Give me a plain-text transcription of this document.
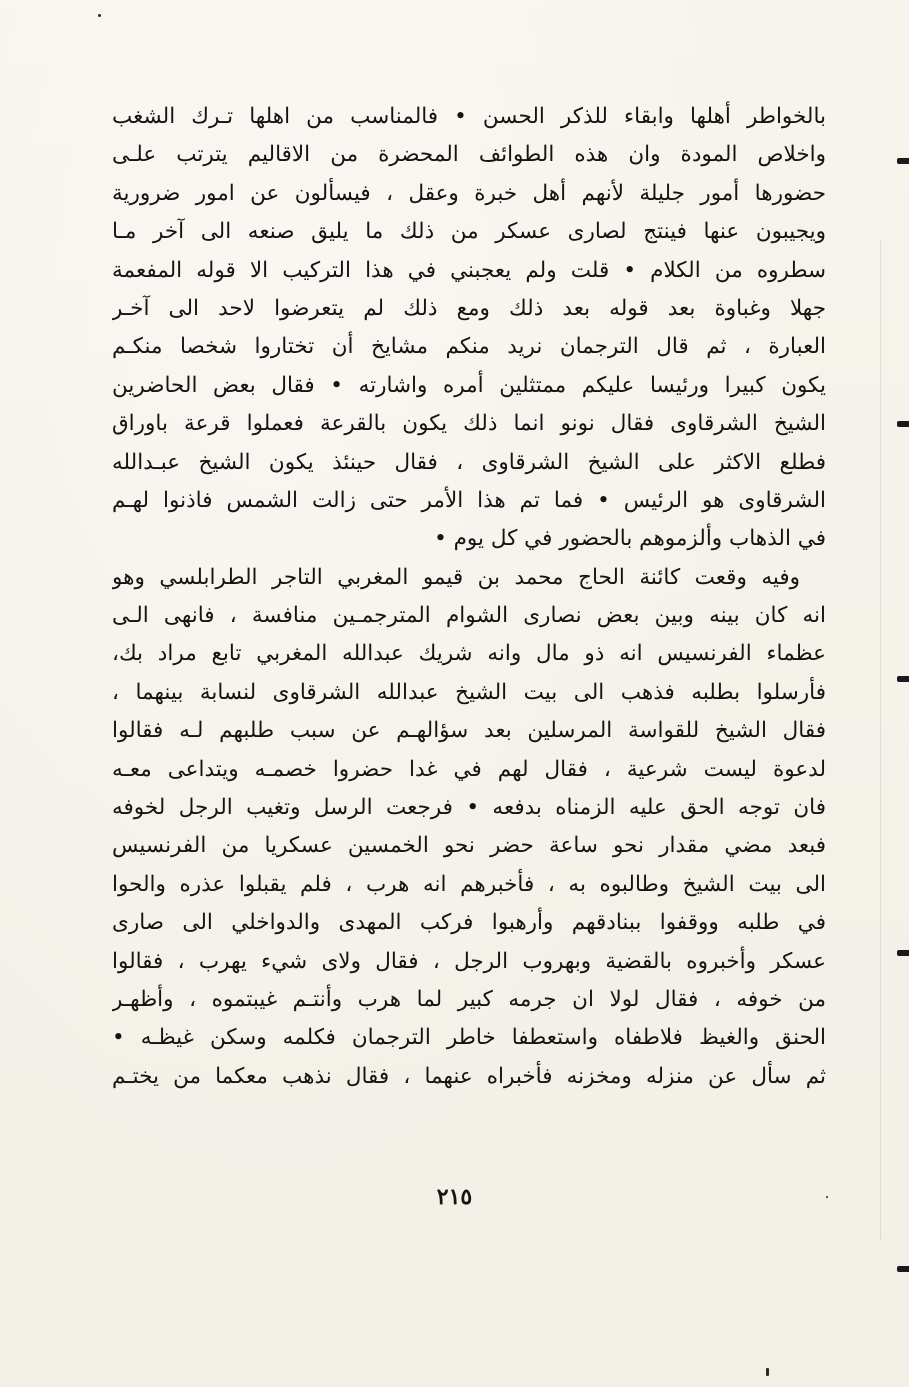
بالخواطر أهلها وابقاء للذكر الحسن • فالمناسب من اهلها تـرك الشغب
واخلاص المودة وان هذه الطوائف المحضرة من الاقاليم يترتب علـى
حضورها أمور جليلة لأنهم أهل خبرة وعقل ، فيسألون عن امور ضرورية
ويجيبون عنها فينتج لصارى عسكر من ذلك ما يليق صنعه الى آخر مـا
سطروه من الكلام • قلت ولم يعجبني في هذا التركيب الا قوله المفعمة
جهلا وغباوة بعد قوله بعد ذلك ومع ذلك لم يتعرضوا لاحد الى آخـر
العبارة ، ثم قال الترجمان نريد منكم مشايخ أن تختاروا شخصا منكـم
يكون كبيرا ورئيسا عليكم ممتثلين أمره واشارته • فقال بعض الحاضرين
الشيخ الشرقاوى فقال نونو انما ذلك يكون بالقرعة فعملوا قرعة باوراق
فطلع الاكثر على الشيخ الشرقاوى ، فقال حينئذ يكون الشيخ عبـدالله
الشرقاوى هو الرئيس • فما تم هذا الأمر حتى زالت الشمس فاذنوا لهـم
في الذهاب وألزموهم بالحضور في كل يوم •
وفيه وقعت كائنة الحاج محمد بن قيمو المغربي التاجر الطرابلسي وهو
انه كان بينه وبين بعض نصارى الشوام المترجمـين منافسة ، فانهى الـى
عظماء الفرنسيس انه ذو مال وانه شريك عبدالله المغربي تابع مراد بك،
فأرسلوا بطلبه فذهب الى بيت الشيخ عبدالله الشرقاوى لنسابة بينهما ،
فقال الشيخ للقواسة المرسلين بعد سؤالهـم عن سبب طلبهم لـه فقالوا
لدعوة ليست شرعية ، فقال لهم في غدا حضروا خصمـه ويتداعى معـه
فان توجه الحق عليه الزمناه بدفعه • فرجعت الرسل وتغيب الرجل لخوفه
فبعد مضي مقدار نحو ساعة حضر نحو الخمسين عسكريا من الفرنسيس
الى بيت الشيخ وطالبوه به ، فأخبرهم انه هرب ، فلم يقبلوا عذره والحوا
في طلبه ووقفوا ببنادقهم وأرهبوا فركب المهدى والدواخلي الى صارى
عسكر وأخبروه بالقضية وبهروب الرجل ، فقال ولاى شيء يهرب ، فقالوا
من خوفه ، فقال لولا ان جرمه كبير لما هرب وأنتـم غيبتموه ، وأظهـر
الحنق والغيظ فلاطفاه واستعطفا خاطر الترجمان فكلمه وسكن غيظـه •
ثم سأل عن منزله ومخزنه فأخبراه عنهما ، فقال نذهب معكما من يختـم
٢١٥
